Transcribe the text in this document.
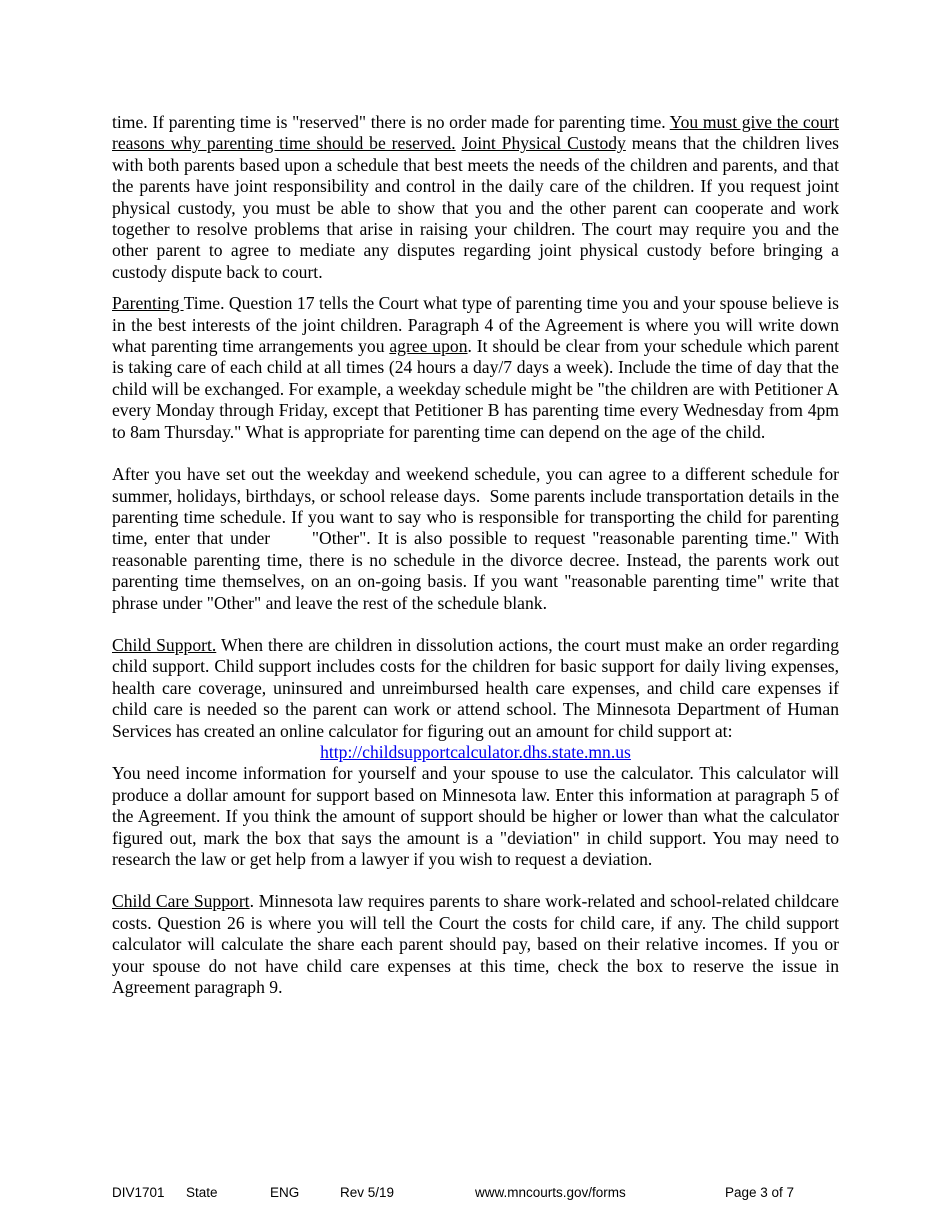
time. If parenting time is "reserved" there is no order made for parenting time. You must give the court reasons why parenting time should be reserved. Joint Physical Custody means that the children lives with both parents based upon a schedule that best meets the needs of the children and parents, and that the parents have joint responsibility and control in the daily care of the children. If you request joint physical custody, you must be able to show that you and the other parent can cooperate and work together to resolve problems that arise in raising your children. The court may require you and the other parent to agree to mediate any disputes regarding joint physical custody before bringing a custody dispute back to court.

Parenting Time. Question 17 tells the Court what type of parenting time you and your spouse believe is in the best interests of the joint children. Paragraph 4 of the Agreement is where you will write down what parenting time arrangements you agree upon. It should be clear from your schedule which parent is taking care of each child at all times (24 hours a day/7 days a week). Include the time of day that the child will be exchanged. For example, a weekday schedule might be "the children are with Petitioner A every Monday through Friday, except that Petitioner B has parenting time every Wednesday from 4pm to 8am Thursday." What is appropriate for parenting time can depend on the age of the child.

After you have set out the weekday and weekend schedule, you can agree to a different schedule for summer, holidays, birthdays, or school release days.  Some parents include transportation details in the parenting time schedule. If you want to say who is responsible for transporting the child for parenting time, enter that under      "Other". It is also possible to request "reasonable parenting time." With reasonable parenting time, there is no schedule in the divorce decree. Instead, the parents work out parenting time themselves, on an on-going basis. If you want "reasonable parenting time" write that phrase under "Other" and leave the rest of the schedule blank.

Child Support. When there are children in dissolution actions, the court must make an order regarding child support. Child support includes costs for the children for basic support for daily living expenses, health care coverage, uninsured and unreimbursed health care expenses, and child care expenses if child care is needed so the parent can work or attend school. The Minnesota Department of Human Services has created an online calculator for figuring out an amount for child support at:

http://childsupportcalculator.dhs.state.mn.us

You need income information for yourself and your spouse to use the calculator. This calculator will produce a dollar amount for support based on Minnesota law. Enter this information at paragraph 5 of the Agreement. If you think the amount of support should be higher or lower than what the calculator figured out, mark the box that says the amount is a "deviation" in child support. You may need to research the law or get help from a lawyer if you wish to request a deviation.

Child Care Support. Minnesota law requires parents to share work-related and school-related childcare costs. Question 26 is where you will tell the Court the costs for child care, if any. The child support calculator will calculate the share each parent should pay, based on their relative incomes. If you or your spouse do not have child care expenses at this time, check the box to reserve the issue in Agreement paragraph 9.

DIV1701 State	ENG	Rev 5/19	www.mncourts.gov/forms	Page 3 of 7
